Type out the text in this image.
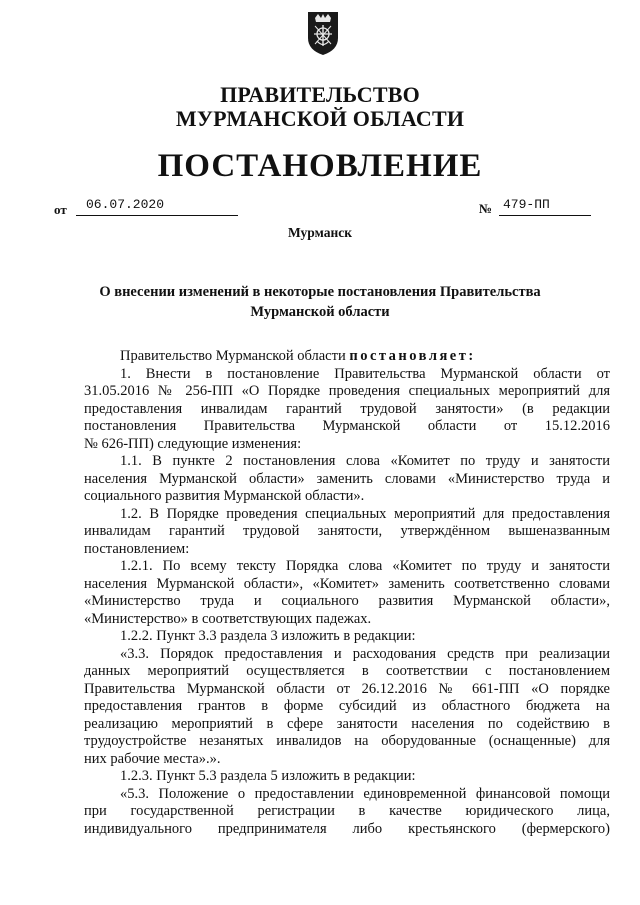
ПРАВИТЕЛЬСТВО
МУРМАНСКОЙ ОБЛАСТИ
ПОСТАНОВЛЕНИЕ
от	06.07.2020	№ 479-ПП
Мурманск
О внесении изменений в некоторые постановления Правительства
Мурманской области

Правительство Мурманской области постановляет:

1. Внести в постановление Правительства Мурманской области от

31.05.2016 № 256-ПП «О Порядке проведения специальных мероприятий для

предоставления инвалидам гарантий трудовой занятости» (в редакции

постановления Правительства Мурманской области от 15.12.2016

№ 626-ПП) следующие изменения:

1.1. В пункте 2 постановления слова «Комитет по труду и занятости

населения Мурманской области» заменить словами «Министерство труда и

социального развития Мурманской области».

1.2. В Порядке проведения специальных мероприятий для предоставления

инвалидам гарантий трудовой занятости, утверждённом вышеназванным

постановлением:

1.2.1. По всему тексту Порядка слова «Комитет по труду и занятости

населения Мурманской области», «Комитет» заменить соответственно словами

«Министерство труда и социального развития Мурманской области»,

«Министерство» в соответствующих падежах.

1.2.2. Пункт 3.3 раздела 3 изложить в редакции:

«3.3. Порядок предоставления и расходования средств при реализации

данных мероприятий осуществляется в соответствии с постановлением

Правительства Мурманской области от 26.12.2016 № 661-ПП «О порядке

предоставления грантов в форме субсидий из областного бюджета на

реализацию мероприятий в сфере занятости населения по содействию в

трудоустройстве незанятых инвалидов на оборудованные (оснащенные) для

них рабочие места».».

1.2.3. Пункт 5.3 раздела 5 изложить в редакции:

«5.3. Положение о предоставлении единовременной финансовой помощи

при государственной регистрации в качестве юридического лица,

индивидуального предпринимателя либо крестьянского (фермерского)
